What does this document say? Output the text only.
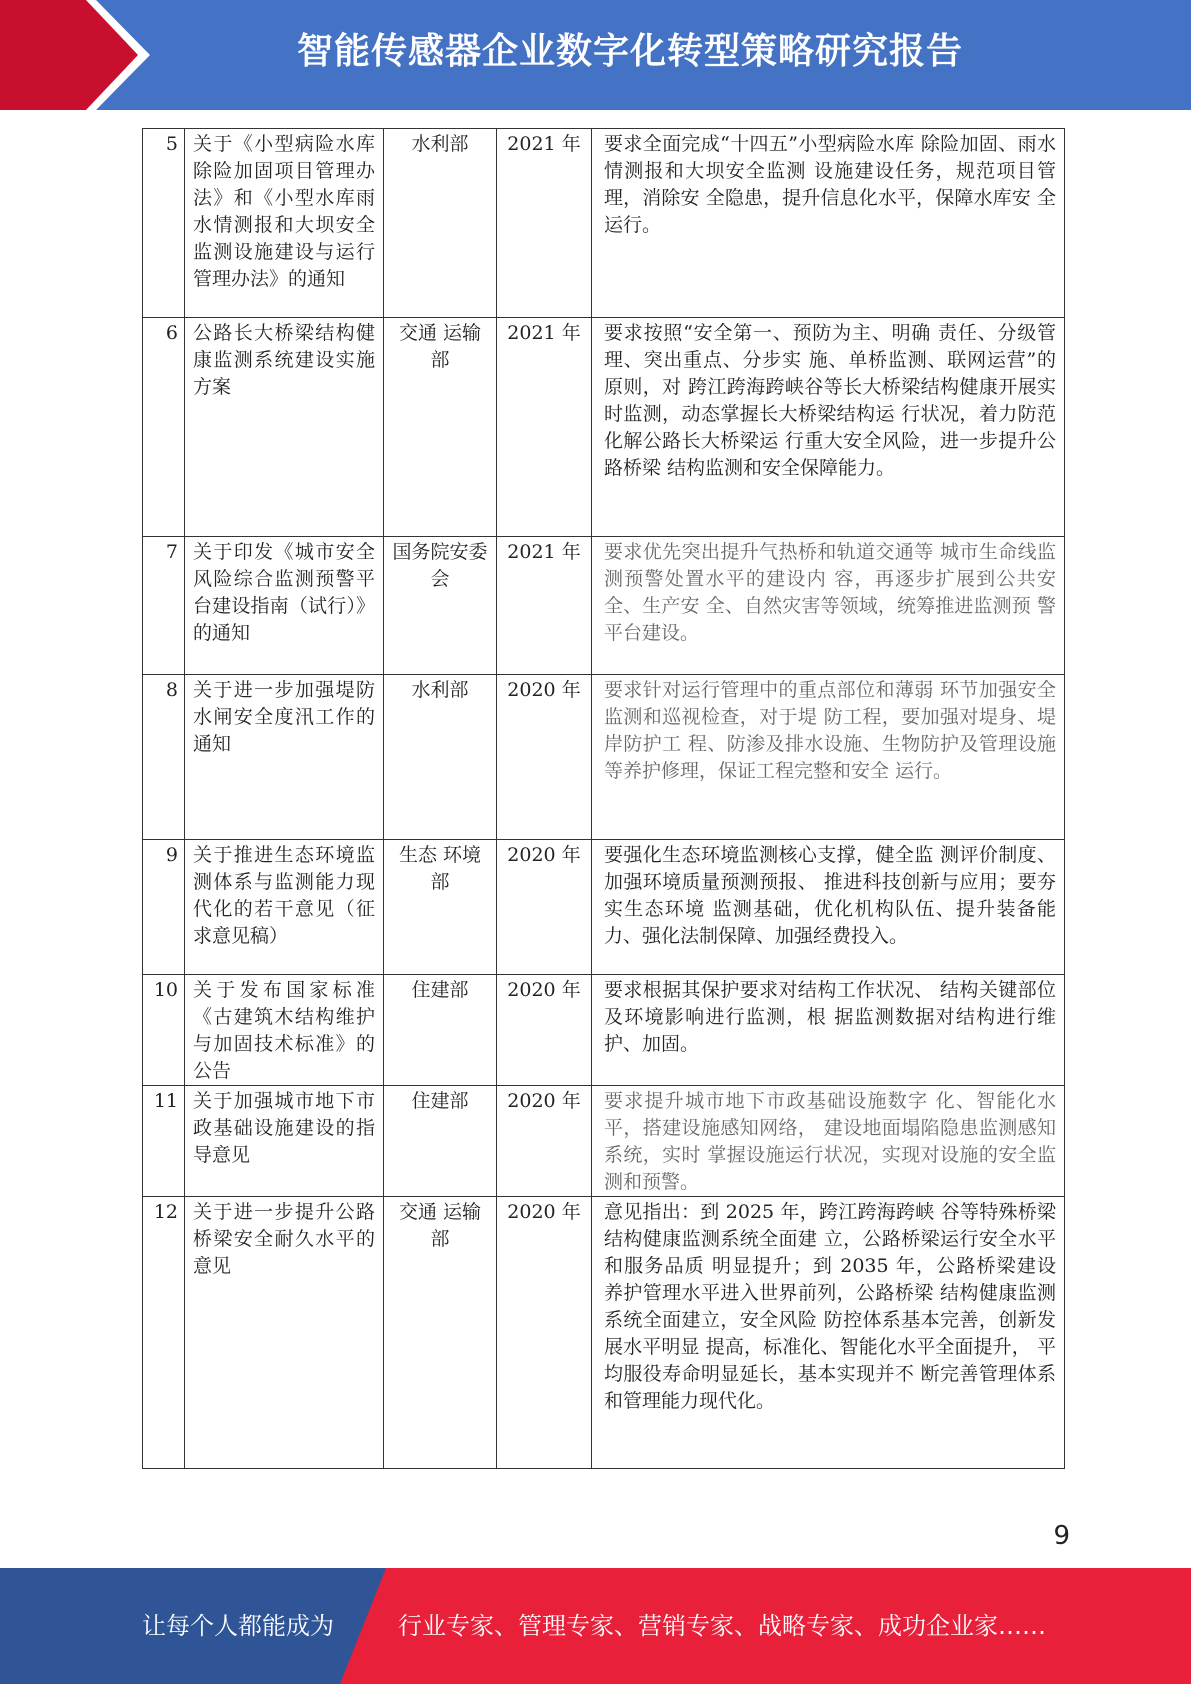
智能传感器企业数字化转型策略研究报告
5	关于《小型病险水库除险加固项目管理办法》和《小型水库雨水情测报和大坝安全监测设施建设与运行管理办法》的通知	水利部	2021 年	要求全面完成“十四五”小型病险水库 除险加固、雨水情测报和大坝安全监测 设施建设任务，规范项目管理，消除安 全隐患，提升信息化水平，保障水库安 全运行。
6	公路长大桥梁结构健康监测系统建设实施方案	交通 运输部	2021 年	要求按照“安全第一、预防为主、明确 责任、分级管理、突出重点、分步实 施、单桥监测、联网运营”的原则，对 跨江跨海跨峡谷等长大桥梁结构健康开展实时监测，动态掌握长大桥梁结构运 行状况，着力防范化解公路长大桥梁运 行重大安全风险，进一步提升公路桥梁 结构监测和安全保障能力。
7	关于印发《城市安全风险综合监测预警平台建设指南（试行）》的通知	国务院安委会	2021 年	要求优先突出提升气热桥和轨道交通等 城市生命线监测预警处置水平的建设内 容，再逐步扩展到公共安全、生产安 全、自然灾害等领域，统筹推进监测预 警平台建设。
8	关于进一步加强堤防水闸安全度汛工作的通知	水利部	2020 年	要求针对运行管理中的重点部位和薄弱 环节加强安全监测和巡视检查，对于堤 防工程，要加强对堤身、堤岸防护工 程、防渗及排水设施、生物防护及管理设施等养护修理，保证工程完整和安全 运行。
9	关于推进生态环境监测体系与监测能力现代化的若干意见（征求意见稿）	生态 环境部	2020 年	要强化生态环境监测核心支撑，健全监 测评价制度、加强环境质量预测预报、 推进科技创新与应用；要夯实生态环境 监测基础，优化机构队伍、提升装备能 力、强化法制保障、加强经费投入。
10	关于发布国家标准《古建筑木结构维护与加固技术标准》的公告	住建部	2020 年	要求根据其保护要求对结构工作状况、 结构关键部位及环境影响进行监测，根 据监测数据对结构进行维护、加固。
11	关于加强城市地下市政基础设施建设的指导意见	住建部	2020 年	要求提升城市地下市政基础设施数字 化、智能化水平，搭建设施感知网络， 建设地面塌陷隐患监测感知系统，实时 掌握设施运行状况，实现对设施的安全监测和预警。
12	关于进一步提升公路桥梁安全耐久水平的意见	交通 运输部	2020 年	意见指出：到 2025 年，跨江跨海跨峡 谷等特殊桥梁结构健康监测系统全面建 立，公路桥梁运行安全水平和服务品质 明显提升；到 2035 年，公路桥梁建设 养护管理水平进入世界前列，公路桥梁 结构健康监测系统全面建立，安全风险 防控体系基本完善，创新发展水平明显 提高，标准化、智能化水平全面提升， 平均服役寿命明显延长，基本实现并不 断完善管理体系和管理能力现代化。
9
让每个人都能成为	行业专家、管理专家、营销专家、战略专家、成功企业家……
